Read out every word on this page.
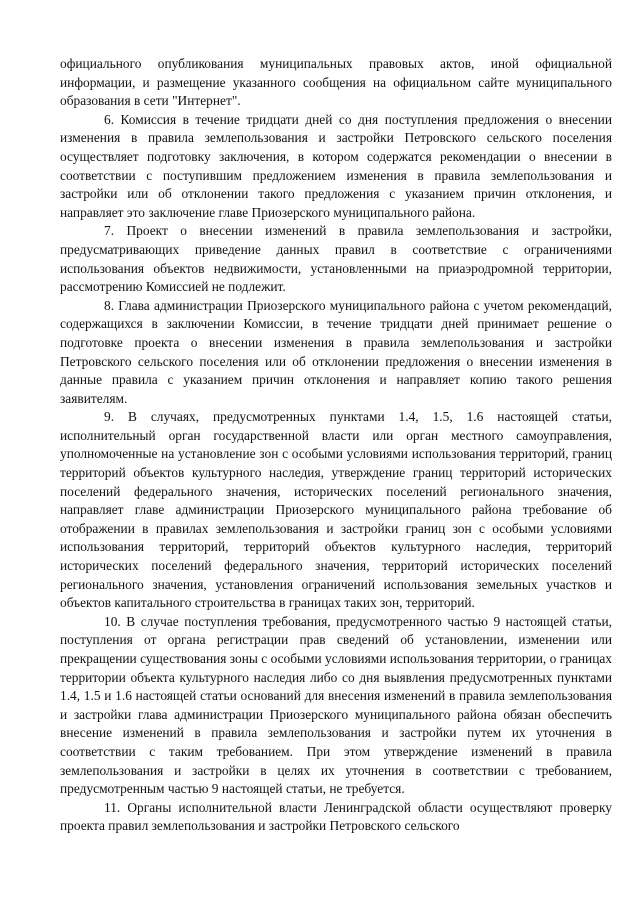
официального опубликования муниципальных правовых актов, иной официальной информации, и размещение указанного сообщения на официальном сайте муниципального образования в сети "Интернет".

6. Комиссия в течение тридцати дней со дня поступления предложения о внесении изменения в правила землепользования и застройки Петровского сельского поселения осуществляет подготовку заключения, в котором содержатся рекомендации о внесении в соответствии с поступившим предложением изменения в правила землепользования и застройки или об отклонении такого предложения с указанием причин отклонения, и направляет это заключение главе Приозерского муниципального района.

7. Проект о внесении изменений в правила землепользования и застройки, предусматривающих приведение данных правил в соответствие с ограничениями использования объектов недвижимости, установленными на приаэродромной территории, рассмотрению Комиссией не подлежит.

8. Глава администрации Приозерского муниципального района с учетом рекомендаций, содержащихся в заключении Комиссии, в течение тридцати дней принимает решение о подготовке проекта о внесении изменения в правила землепользования и застройки Петровского сельского поселения или об отклонении предложения о внесении изменения в данные правила с указанием причин отклонения и направляет копию такого решения заявителям.

9. В случаях, предусмотренных пунктами 1.4, 1.5, 1.6 настоящей статьи, исполнительный орган государственной власти или орган местного самоуправления, уполномоченные на установление зон с особыми условиями использования территорий, границ территорий объектов культурного наследия, утверждение границ территорий исторических поселений федерального значения, исторических поселений регионального значения, направляет главе администрации Приозерского муниципального района требование об отображении в правилах землепользования и застройки границ зон с особыми условиями использования территорий, территорий объектов культурного наследия, территорий исторических поселений федерального значения, территорий исторических поселений регионального значения, установления ограничений использования земельных участков и объектов капитального строительства в границах таких зон, территорий.

10. В случае поступления требования, предусмотренного частью 9 настоящей статьи, поступления от органа регистрации прав сведений об установлении, изменении или прекращении существования зоны с особыми условиями использования территории, о границах территории объекта культурного наследия либо со дня выявления предусмотренных пунктами 1.4, 1.5 и 1.6 настоящей статьи оснований для внесения изменений в правила землепользования и застройки глава администрации Приозерского муниципального района обязан обеспечить внесение изменений в правила землепользования и застройки путем их уточнения в соответствии с таким требованием. При этом утверждение изменений в правила землепользования и застройки в целях их уточнения в соответствии с требованием, предусмотренным частью 9 настоящей статьи, не требуется.

11. Органы исполнительной власти Ленинградской области осуществляют проверку проекта правил землепользования и застройки Петровского сельского
